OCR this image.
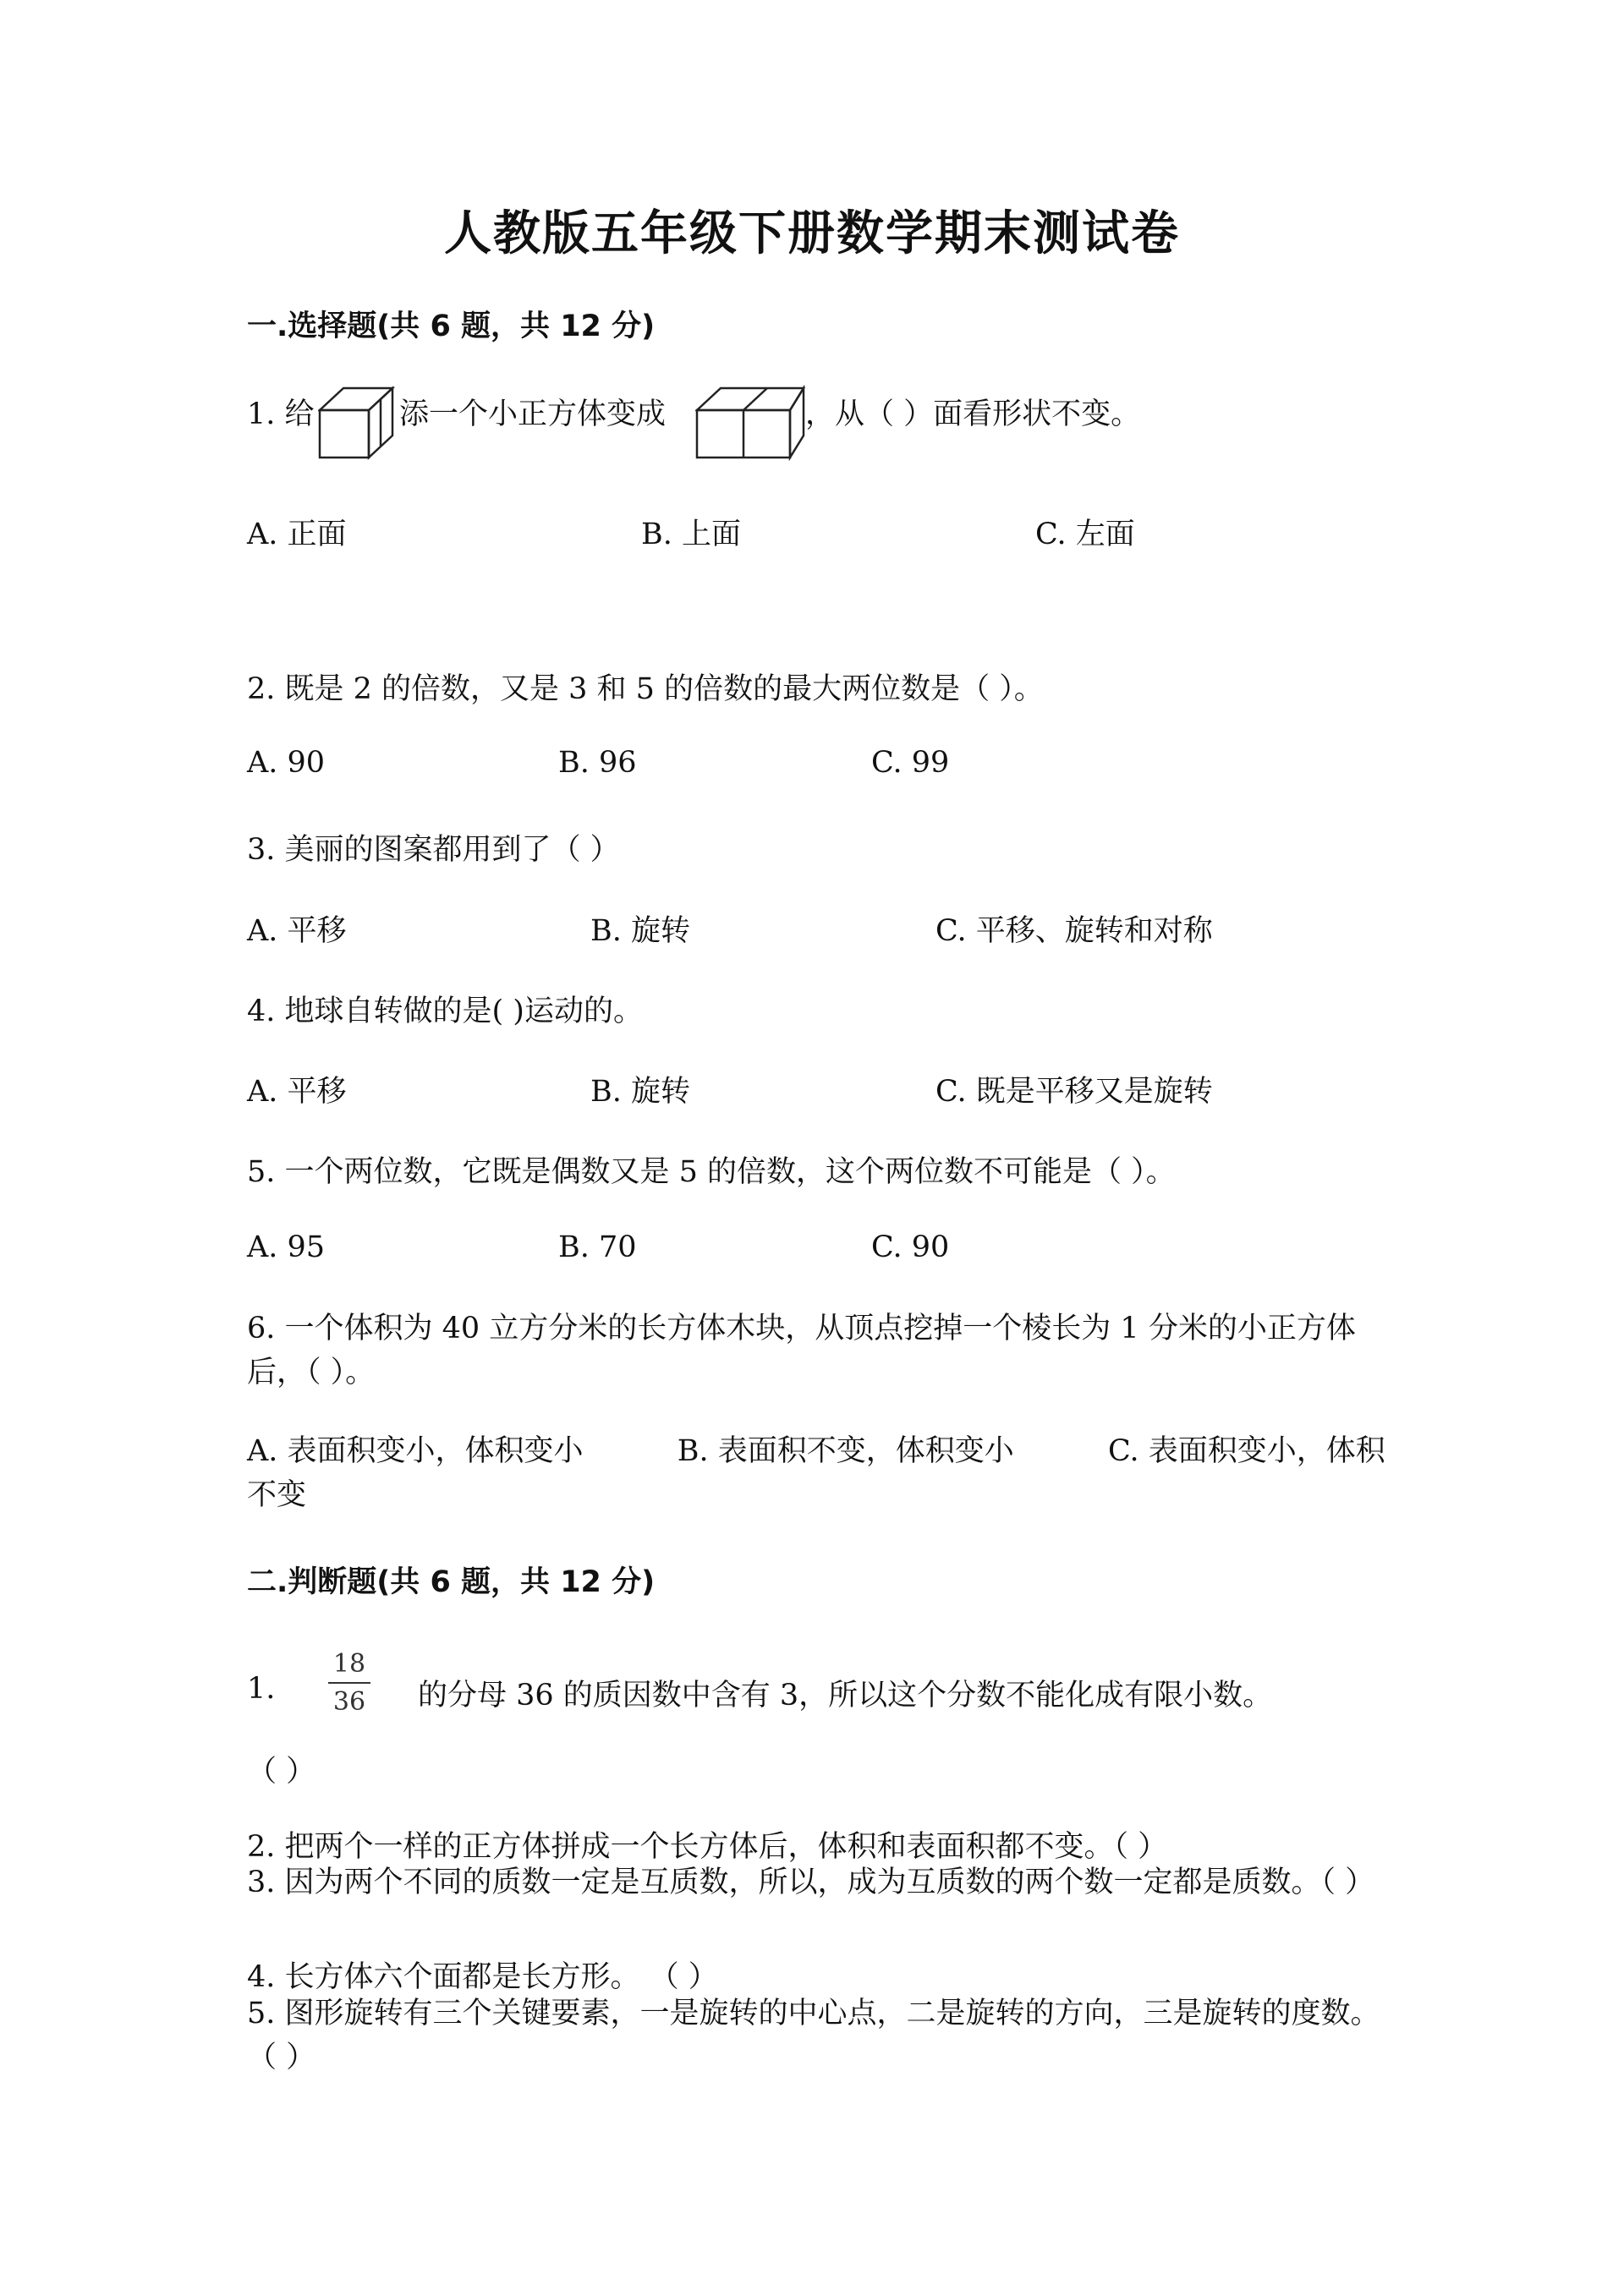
人教版五年级下册数学期末测试卷
一.选择题(共 6 题，共 12 分)
1. 给	添一个小正方体变成	，从（ ）面看形状不变。
A. 正面	B. 上面	C. 左面
2. 既是 2 的倍数，又是 3 和 5 的倍数的最大两位数是（ ）。
A. 90	B. 96	C. 99
3. 美丽的图案都用到了（ ）
A. 平移	B. 旋转	C. 平移、旋转和对称
4. 地球自转做的是( )运动的。
A. 平移	B. 旋转	C. 既是平移又是旋转
5. 一个两位数，它既是偶数又是 5 的倍数，这个两位数不可能是（ ）。
A. 95	B. 70	C. 90
6. 一个体积为 40 立方分米的长方体木块，从顶点挖掉一个棱长为 1 分米的小正方体后，（ ）。
A. 表面积变小，体积变小          B. 表面积不变，体积变小          C. 表面积变小，体积不变
二.判断题(共 6 题，共 12 分)
1.
18
36 的分母 36 的质因数中含有 3，所以这个分数不能化成有限小数。
（ ）
2. 把两个一样的正方体拼成一个长方体后，体积和表面积都不变。（ ）
3. 因为两个不同的质数一定是互质数，所以，成为互质数的两个数一定都是质数。（ ）
4. 长方体六个面都是长方形。 （ ）
5. 图形旋转有三个关键要素，一是旋转的中心点，二是旋转的方向，三是旋转的度数。 （ ）
